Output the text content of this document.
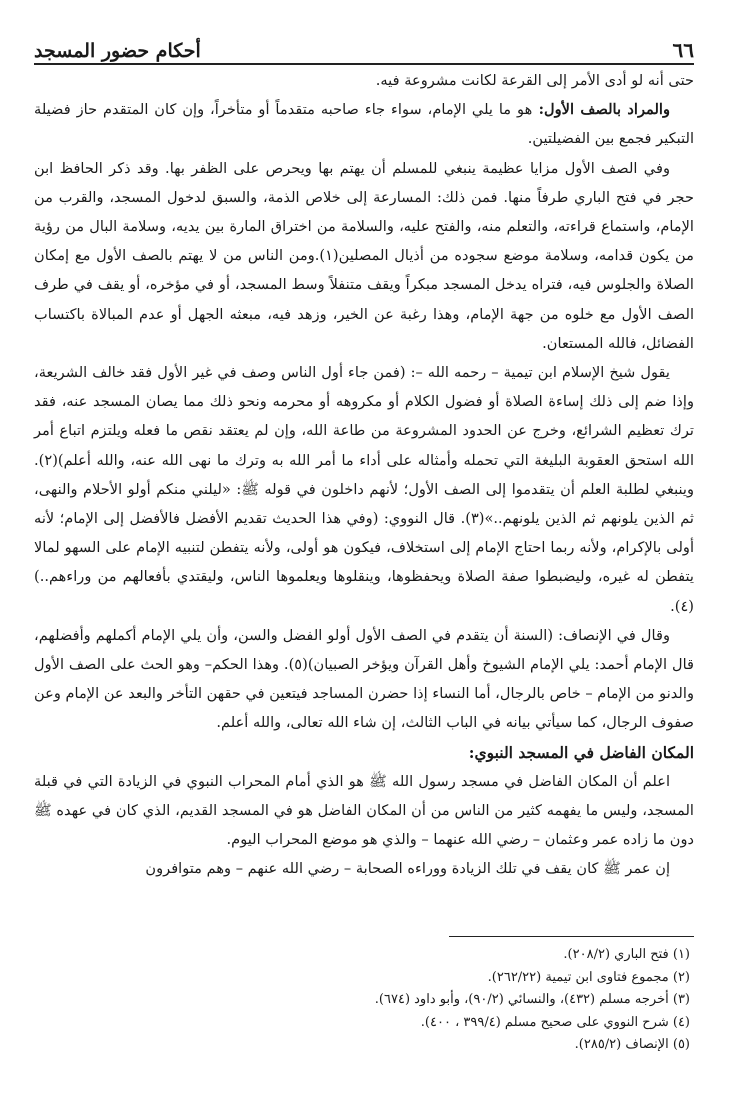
٦٦
أحكام حضور المسجد

حتى أنه لو أدى الأمر إلى القرعة لكانت مشروعة فيه.

والمراد بالصف الأول: هو ما يلي الإمام، سواء جاء صاحبه متقدماً أو متأخراً، وإن كان المتقدم حاز فضيلة التبكير فجمع بين الفضيلتين.

وفي الصف الأول مزايا عظيمة ينبغي للمسلم أن يهتم بها ويحرص على الظفر بها. وقد ذكر الحافظ ابن حجر في فتح الباري طرفاً منها. فمن ذلك: المسارعة إلى خلاص الذمة، والسبق لدخول المسجد، والقرب من الإمام، واستماع قراءته، والتعلم منه، والفتح عليه، والسلامة من اختراق المارة بين يديه، وسلامة البال من رؤية من يكون قدامه، وسلامة موضع سجوده من أذيال المصلين(١).ومن الناس من لا يهتم بالصف الأول مع إمكان الصلاة والجلوس فيه، فتراه يدخل المسجد مبكراً ويقف متنفلاً وسط المسجد، أو في مؤخره، أو يقف في طرف الصف الأول مع خلوه من جهة الإمام، وهذا رغبة عن الخير، وزهد فيه، مبعثه الجهل أو عدم المبالاة باكتساب الفضائل، فالله المستعان.

يقول شيخ الإسلام ابن تيمية – رحمه الله –: (فمن جاء أول الناس وصف في غير الأول فقد خالف الشريعة، وإذا ضم إلى ذلك إساءة الصلاة أو فضول الكلام أو مكروهه أو محرمه ونحو ذلك مما يصان المسجد عنه، فقد ترك تعظيم الشرائع، وخرج عن الحدود المشروعة من طاعة الله، وإن لم يعتقد نقص ما فعله ويلتزم اتباع أمر الله استحق العقوبة البليغة التي تحمله وأمثاله على أداء ما أمر الله به وترك ما نهى الله عنه، والله أعلم)(٢). وينبغي لطلبة العلم أن يتقدموا إلى الصف الأول؛ لأنهم داخلون في قوله ﷺ: «ليلني منكم أولو الأحلام والنهى، ثم الذين يلونهم ثم الذين يلونهم..»(٣). قال النووي: (وفي هذا الحديث تقديم الأفضل فالأفضل إلى الإمام؛ لأنه أولى بالإكرام، ولأنه ربما احتاج الإمام إلى استخلاف، فيكون هو أولى، ولأنه يتفطن لتنبيه الإمام على السهو لمالا يتفطن له غيره، وليضبطوا صفة الصلاة ويحفظوها، وينقلوها ويعلموها الناس، وليقتدي بأفعالهم من وراءهم..)(٤).

وقال في الإنصاف: (السنة أن يتقدم في الصف الأول أولو الفضل والسن، وأن يلي الإمام أكملهم وأفضلهم، قال الإمام أحمد: يلي الإمام الشيوخ وأهل القرآن ويؤخر الصبيان)(٥). وهذا الحكم– وهو الحث على الصف الأول والدنو من الإمام – خاص بالرجال، أما النساء إذا حضرن المساجد فيتعين في حقهن التأخر والبعد عن الإمام وعن صفوف الرجال، كما سيأتي بيانه في الباب الثالث، إن شاء الله تعالى، والله أعلم.

المكان الفاضل في المسجد النبوي:

اعلم أن المكان الفاضل في مسجد رسول الله ﷺ هو الذي أمام المحراب النبوي في الزيادة التي في قبلة المسجد، وليس ما يفهمه كثير من الناس من أن المكان الفاضل هو في المسجد القديم، الذي كان في عهده ﷺ دون ما زاده عمر وعثمان – رضي الله عنهما – والذي هو موضع المحراب اليوم.

إن عمر ﷺ كان يقف في تلك الزيادة ووراءه الصحابة – رضي الله عنهم – وهم متوافرون

(١) فتح الباري (٢٠٨/٢).

(٢) مجموع فتاوى ابن تيمية (٢٦٢/٢٢).

(٣) أخرجه مسلم (٤٣٢)، والنسائي (٩٠/٢)، وأبو داود (٦٧٤).

(٤) شرح النووي على صحيح مسلم (٣٩٩/٤ ، ٤٠٠).

(٥) الإنصاف (٢٨٥/٢).
